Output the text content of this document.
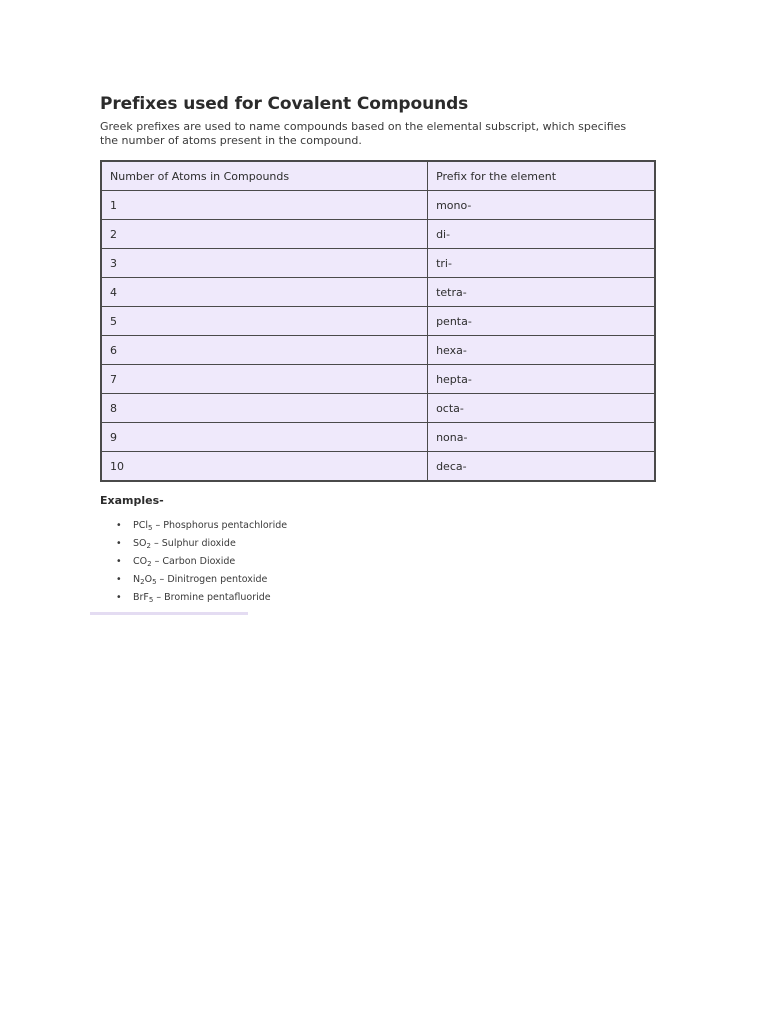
Prefixes used for Covalent Compounds

Greek prefixes are used to name compounds based on the elemental subscript, which specifies the number of atoms present in the compound.

Number of Atoms in Compounds	Prefix for the element
1	mono-
2	di-
3	tri-
4	tetra-
5	penta-
6	hexa-
7	hepta-
8	octa-
9	nona-
10	deca-

Examples-

• PCl$_5$ – Phosphorus pentachloride
• $SO_2$ – Sulphur dioxide
• $CO_2$ – Carbon Dioxide
• $N_2O_5$ – Dinitrogen pentoxide
• BrF$_5$ – Bromine pentafluoride
